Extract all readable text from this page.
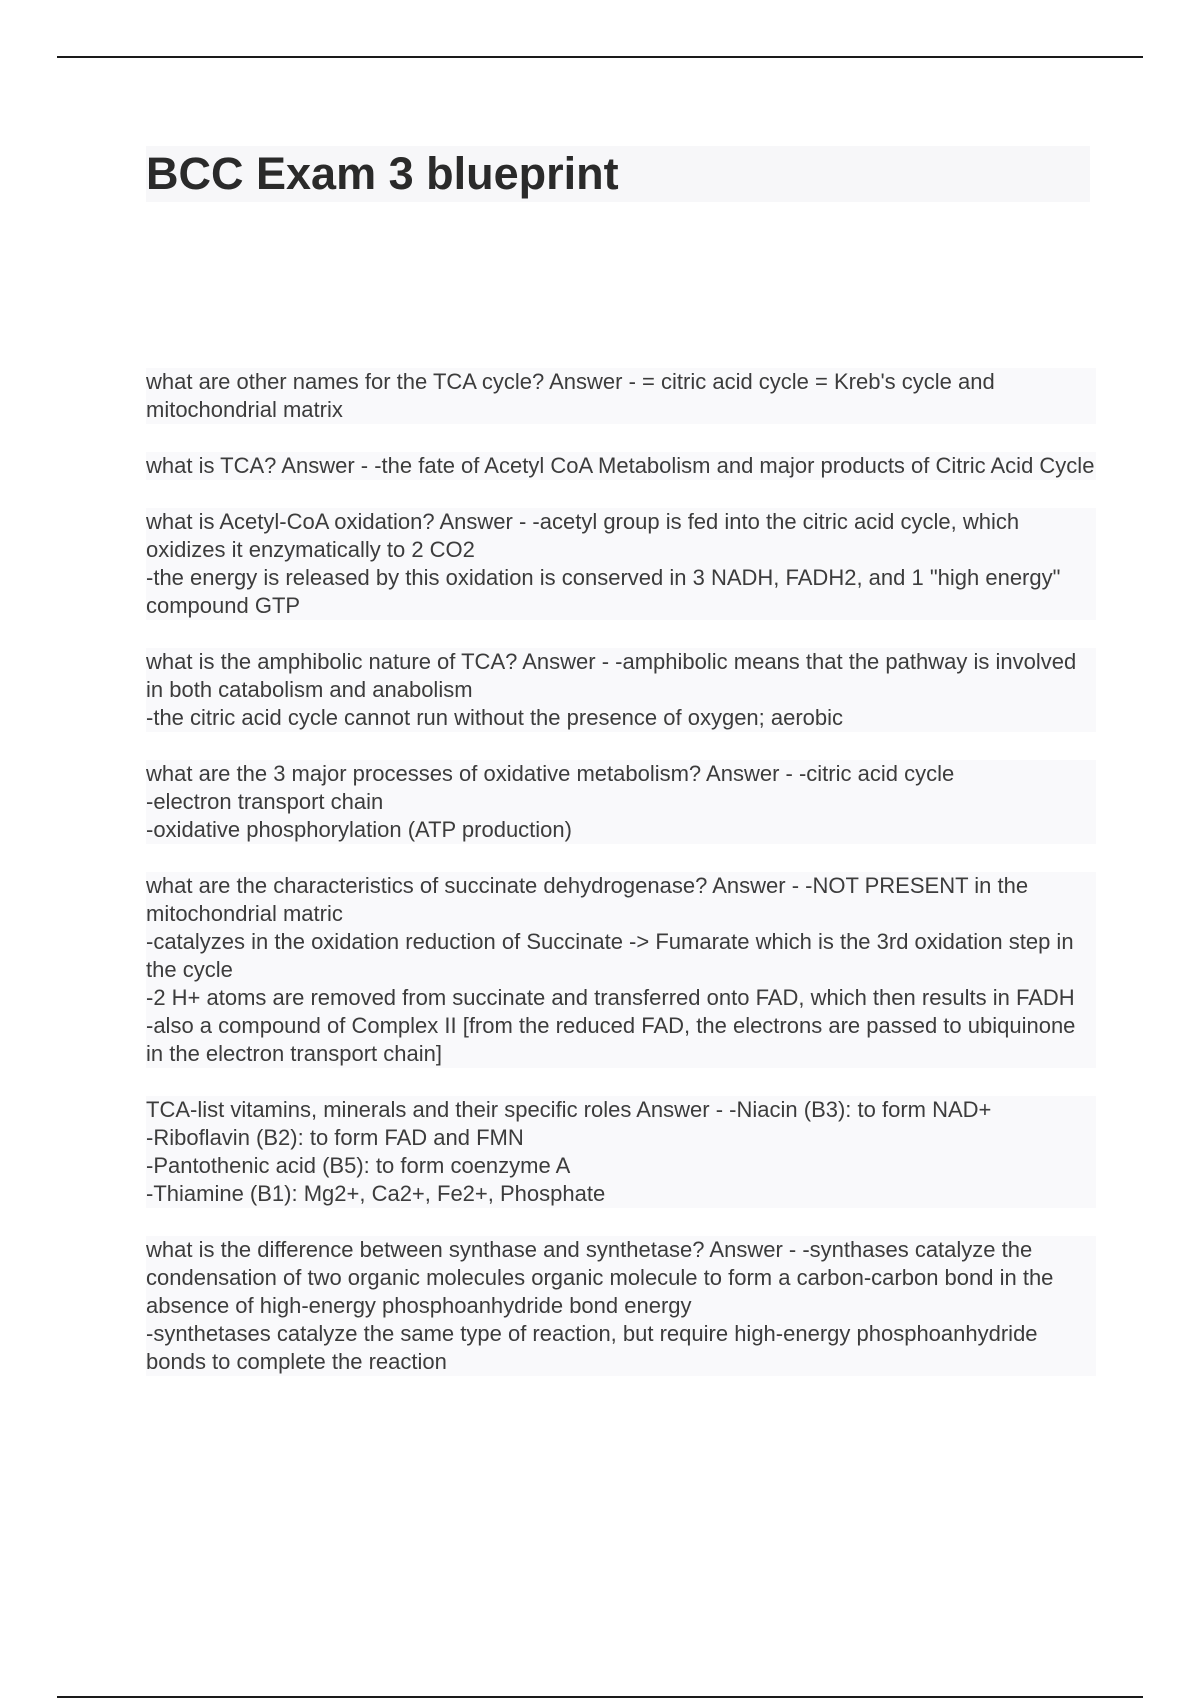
BCC Exam 3 blueprint

what are other names for the TCA cycle? Answer - = citric acid cycle = Kreb's cycle and mitochondrial matrix

what is TCA? Answer - -the fate of Acetyl CoA Metabolism and major products of Citric Acid Cycle

what is Acetyl-CoA oxidation? Answer - -acetyl group is fed into the citric acid cycle, which oxidizes it enzymatically to 2 CO2

-the energy is released by this oxidation is conserved in 3 NADH, FADH2, and 1 "high energy" compound GTP

what is the amphibolic nature of TCA? Answer - -amphibolic means that the pathway is involved in both catabolism and anabolism

-the citric acid cycle cannot run without the presence of oxygen; aerobic

what are the 3 major processes of oxidative metabolism? Answer - -citric acid cycle

-electron transport chain

-oxidative phosphorylation (ATP production)

what are the characteristics of succinate dehydrogenase? Answer - -NOT PRESENT in the mitochondrial matric

-catalyzes in the oxidation reduction of Succinate -> Fumarate which is the 3rd oxidation step in the cycle

-2 H+ atoms are removed from succinate and transferred onto FAD, which then results in FADH

-also a compound of Complex II [from the reduced FAD, the electrons are passed to ubiquinone in the electron transport chain]

TCA-list vitamins, minerals and their specific roles Answer - -Niacin (B3): to form NAD+

-Riboflavin (B2): to form FAD and FMN

-Pantothenic acid (B5): to form coenzyme A

-Thiamine (B1): Mg2+, Ca2+, Fe2+, Phosphate

what is the difference between synthase and synthetase? Answer - -synthases catalyze the condensation of two organic molecules organic molecule to form a carbon-carbon bond in the absence of high-energy phosphoanhydride bond energy

-synthetases catalyze the same type of reaction, but require high-energy phosphoanhydride bonds to complete the reaction
